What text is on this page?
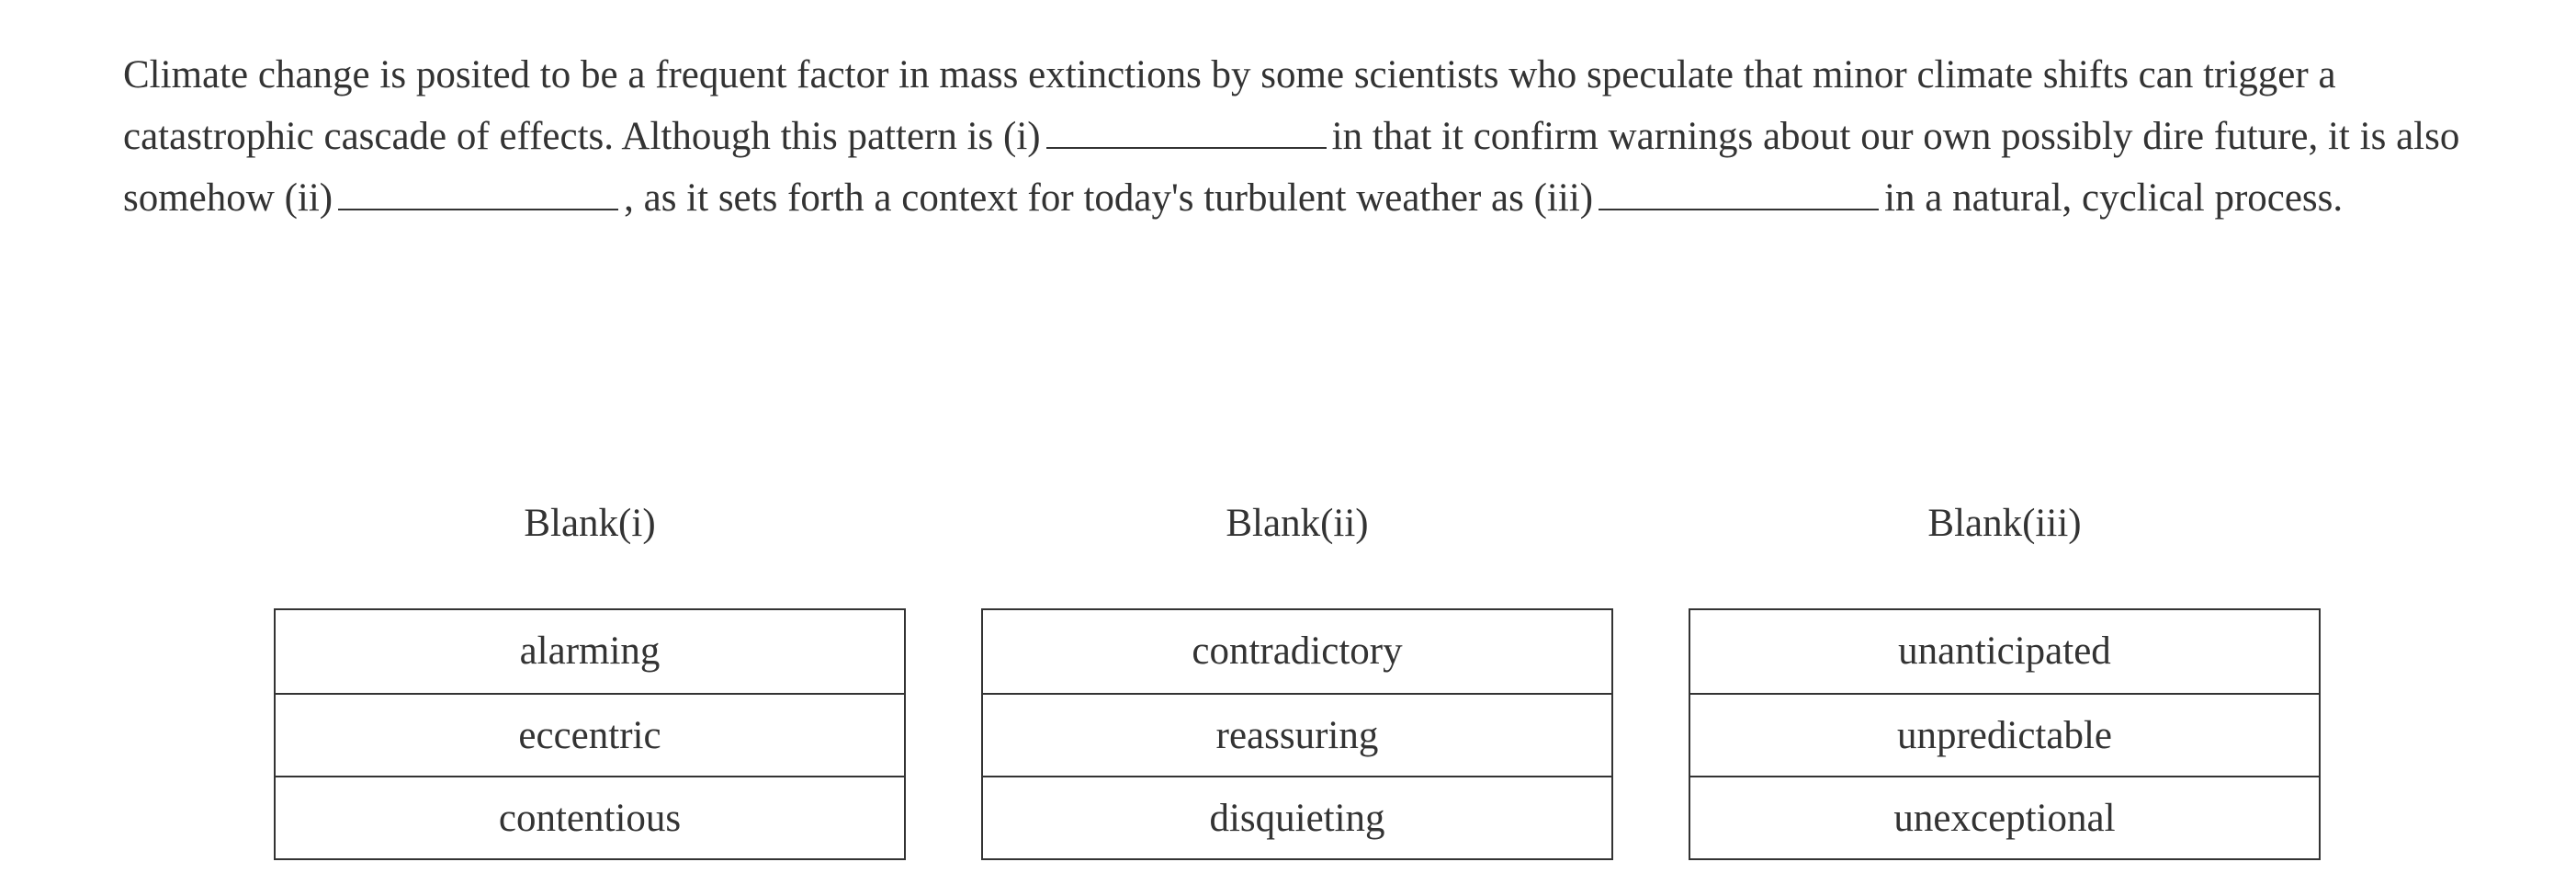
Climate change is posited to be a frequent factor in mass extinctions by some scientists who speculate that minor climate shifts can trigger a catastrophic cascade of effects. Although this pattern is (i)	in that it confirm warnings about our own possibly dire future, it is also somehow (ii)	, as it sets forth a context for today's turbulent weather as (iii)	in a natural, cyclical process.

Blank(i)
alarming
eccentric
contentious
Blank(ii)
contradictory
reassuring
disquieting
Blank(iii)
unanticipated
unpredictable
unexceptional
